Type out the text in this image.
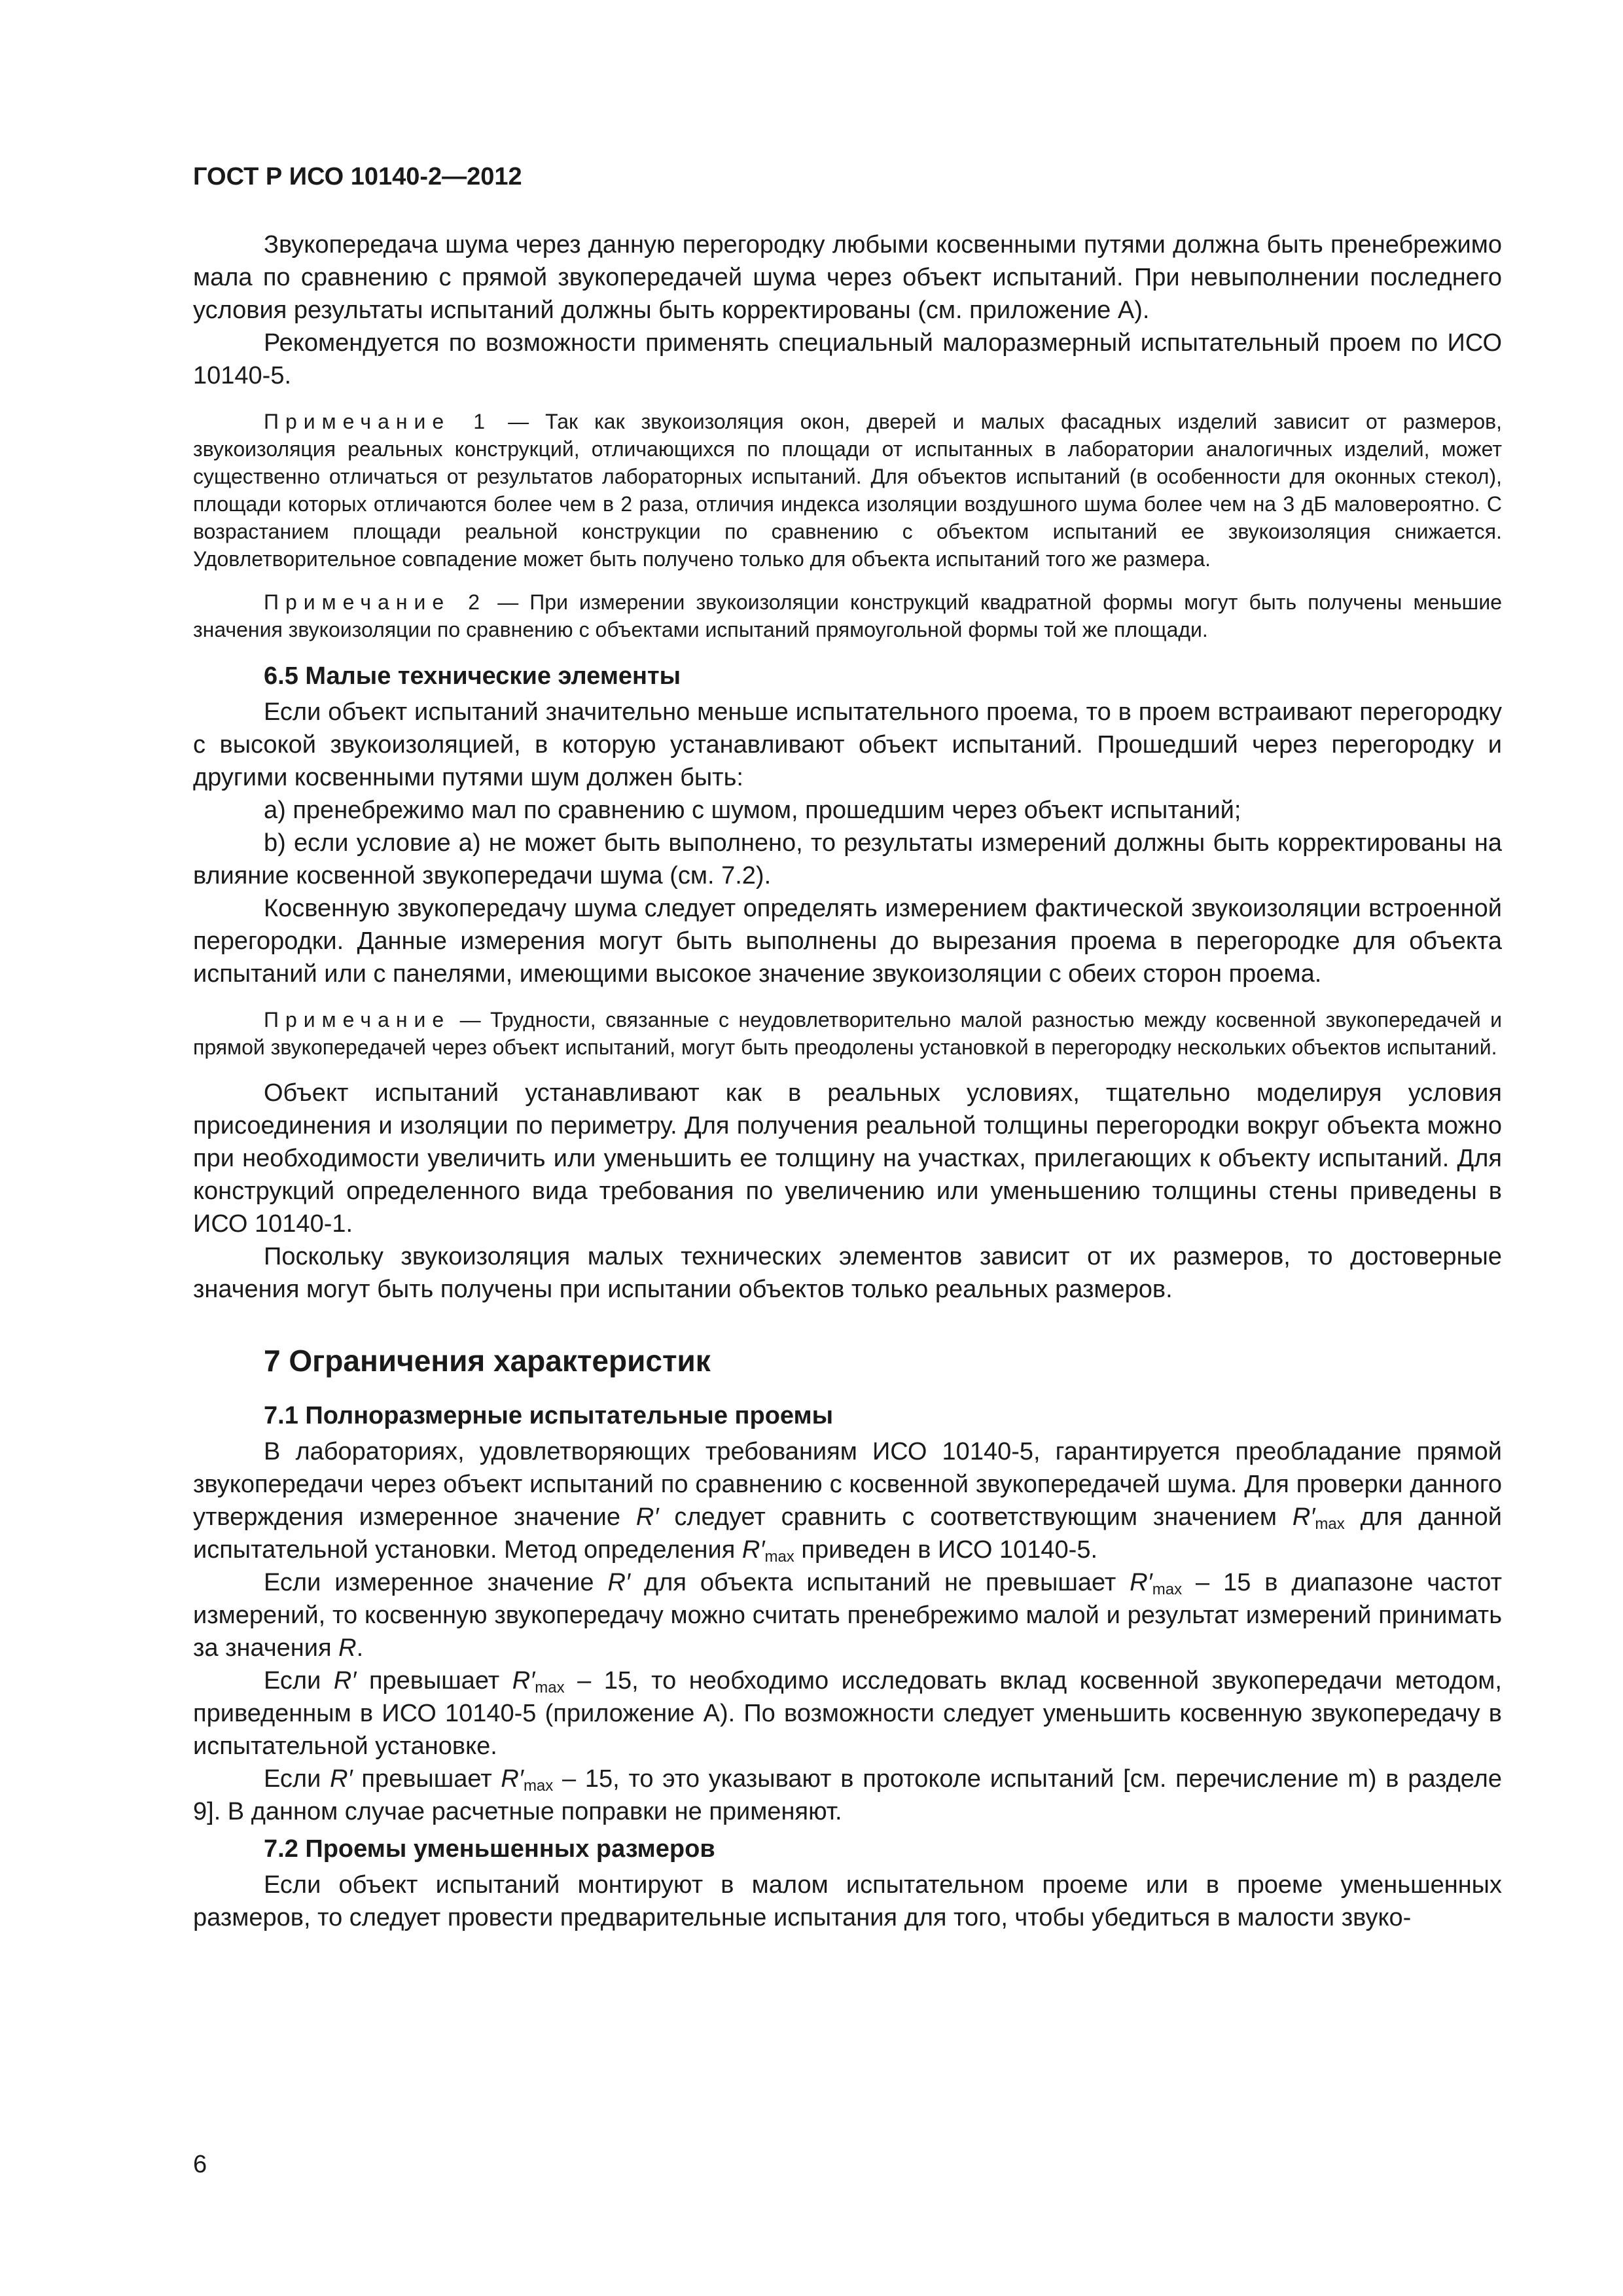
ГОСТ Р ИСО 10140-2—2012

Звукопередача шума через данную перегородку любыми косвенными путями должна быть пренебрежимо мала по сравнению с прямой звукопередачей шума через объект испытаний. При невыполнении последнего условия результаты испытаний должны быть корректированы (см. приложение А).

Рекомендуется по возможности применять специальный малоразмерный испытательный проем по ИСО 10140-5.

Примечание 1 — Так как звукоизоляция окон, дверей и малых фасадных изделий зависит от размеров, звукоизоляция реальных конструкций, отличающихся по площади от испытанных в лаборатории аналогичных изделий, может существенно отличаться от результатов лабораторных испытаний. Для объектов испытаний (в особенности для оконных стекол), площади которых отличаются более чем в 2 раза, отличия индекса изоляции воздушного шума более чем на 3 дБ маловероятно. С возрастанием площади реальной конструкции по сравнению с объектом испытаний ее звукоизоляция снижается. Удовлетворительное совпадение может быть получено только для объекта испытаний того же размера.
Примечание 2 — При измерении звукоизоляции конструкций квадратной формы могут быть получены меньшие значения звукоизоляции по сравнению с объектами испытаний прямоугольной формы той же площади.
6.5 Малые технические элементы

Если объект испытаний значительно меньше испытательного проема, то в проем встраивают перегородку с высокой звукоизоляцией, в которую устанавливают объект испытаний. Прошедший через перегородку и другими косвенными путями шум должен быть:

a) пренебрежимо мал по сравнению с шумом, прошедшим через объект испытаний;

b) если условие а) не может быть выполнено, то результаты измерений должны быть корректированы на влияние косвенной звукопередачи шума (см. 7.2).

Косвенную звукопередачу шума следует определять измерением фактической звукоизоляции встроенной перегородки. Данные измерения могут быть выполнены до вырезания проема в перегородке для объекта испытаний или с панелями, имеющими высокое значение звукоизоляции с обеих сторон проема.

Примечание — Трудности, связанные с неудовлетворительно малой разностью между косвенной звукопередачей и прямой звукопередачей через объект испытаний, могут быть преодолены установкой в перегородку нескольких объектов испытаний.

Объект испытаний устанавливают как в реальных условиях, тщательно моделируя условия присоединения и изоляции по периметру. Для получения реальной толщины перегородки вокруг объекта можно при необходимости увеличить или уменьшить ее толщину на участках, прилегающих к объекту испытаний. Для конструкций определенного вида требования по увеличению или уменьшению толщины стены приведены в ИСО 10140-1.

Поскольку звукоизоляция малых технических элементов зависит от их размеров, то достоверные значения могут быть получены при испытании объектов только реальных размеров.

7 Ограничения характеристик
7.1 Полноразмерные испытательные проемы

В лабораториях, удовлетворяющих требованиям ИСО 10140-5, гарантируется преобладание прямой звукопередачи через объект испытаний по сравнению с косвенной звукопередачей шума. Для проверки данного утверждения измеренное значение R′ следует сравнить с соответствующим значением $R'_{max}$ для данной испытательной установки. Метод определения $R'_{max}$ приведен в ИСО 10140-5.

Если измеренное значение R′ для объекта испытаний не превышает $R'_{max} - 15$ в диапазоне частот измерений, то косвенную звукопередачу можно считать пренебрежимо малой и результат измерений принимать за значения R.

Если R′ превышает $R'_{max} - 15$, то необходимо исследовать вклад косвенной звукопередачи методом, приведенным в ИСО 10140-5 (приложение А). По возможности следует уменьшить косвенную звукопередачу в испытательной установке.

Если R′ превышает $R'_{max} - 15$, то это указывают в протоколе испытаний [см. перечисление m) в разделе 9]. В данном случае расчетные поправки не применяют.

7.2 Проемы уменьшенных размеров

Если объект испытаний монтируют в малом испытательном проеме или в проеме уменьшенных размеров, то следует провести предварительные испытания для того, чтобы убедиться в малости звуко-

6
